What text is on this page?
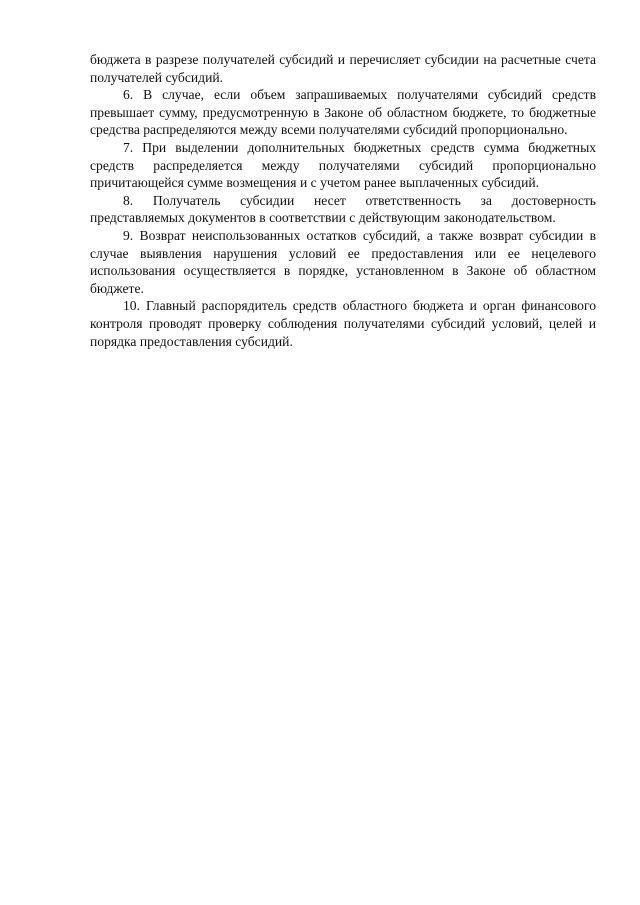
бюджета в разрезе получателей субсидий и перечисляет субсидии на расчетные счета получателей субсидий.

6. В случае, если объем запрашиваемых получателями субсидий средств превышает сумму, предусмотренную в Законе об областном бюджете, то бюджетные средства распределяются между всеми получателями субсидий пропорционально.

7. При выделении дополнительных бюджетных средств сумма бюджетных средств распределяется между получателями субсидий пропорционально причитающейся сумме возмещения и с учетом ранее выплаченных субсидий.

8. Получатель субсидии несет ответственность за достоверность представляемых документов в соответствии с действующим законодательством.

9. Возврат неиспользованных остатков субсидий, а также возврат субсидии в случае выявления нарушения условий ее предоставления или ее нецелевого использования осуществляется в порядке, установленном в Законе об областном бюджете.

10. Главный распорядитель средств областного бюджета и орган финансового контроля проводят проверку соблюдения получателями субсидий условий, целей и порядка предоставления субсидий.
